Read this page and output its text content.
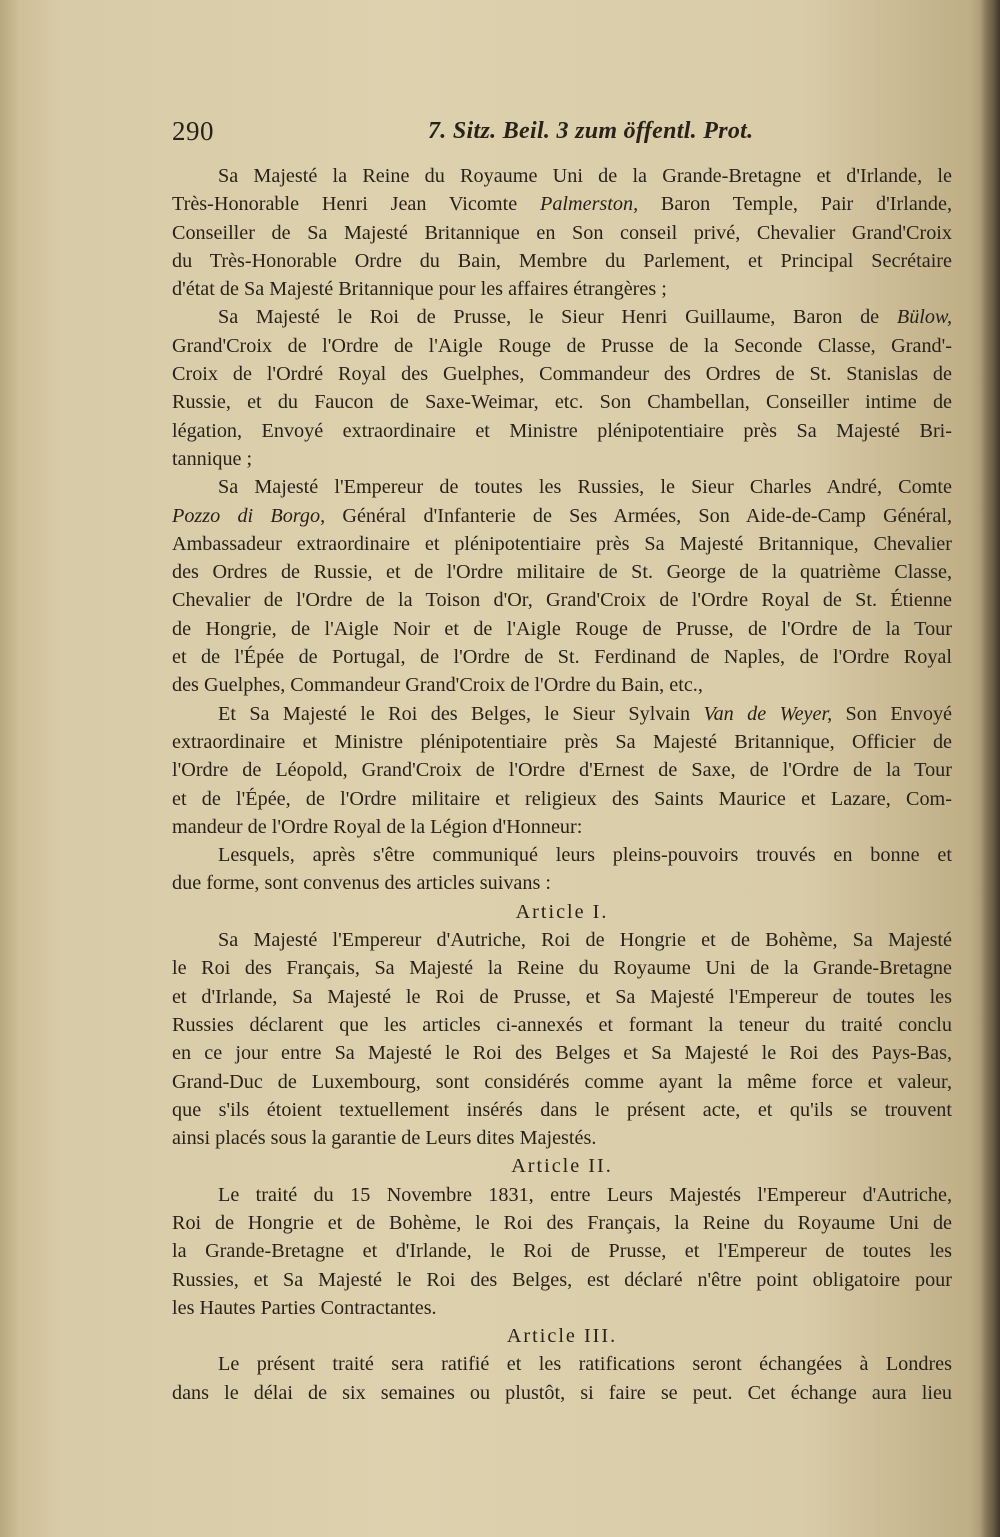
290	7. Sitz. Beil. 3 zum öffentl. Prot.
Sa Majesté la Reine du Royaume Uni de la Grande-Bretagne et d'Irlande, le
Très-Honorable Henri Jean Vicomte Palmerston, Baron Temple, Pair d'Irlande,
Conseiller de Sa Majesté Britannique en Son conseil privé, Chevalier Grand'Croix
du Très-Honorable Ordre du Bain, Membre du Parlement, et Principal Secrétaire
d'état de Sa Majesté Britannique pour les affaires étrangères ;
Sa Majesté le Roi de Prusse, le Sieur Henri Guillaume, Baron de Bülow,
Grand'Croix de l'Ordre de l'Aigle Rouge de Prusse de la Seconde Classe, Grand'-
Croix de l'Ordré Royal des Guelphes, Commandeur des Ordres de St. Stanislas de
Russie, et du Faucon de Saxe-Weimar, etc. Son Chambellan, Conseiller intime de
légation, Envoyé extraordinaire et Ministre plénipotentiaire près Sa Majesté Bri-
tannique ;
Sa Majesté l'Empereur de toutes les Russies, le Sieur Charles André, Comte
Pozzo di Borgo, Général d'Infanterie de Ses Armées, Son Aide-de-Camp Général,
Ambassadeur extraordinaire et plénipotentiaire près Sa Majesté Britannique, Chevalier
des Ordres de Russie, et de l'Ordre militaire de St. George de la quatrième Classe,
Chevalier de l'Ordre de la Toison d'Or, Grand'Croix de l'Ordre Royal de St. Étienne
de Hongrie, de l'Aigle Noir et de l'Aigle Rouge de Prusse, de l'Ordre de la Tour
et de l'Épée de Portugal, de l'Ordre de St. Ferdinand de Naples, de l'Ordre Royal
des Guelphes, Commandeur Grand'Croix de l'Ordre du Bain, etc.,
Et Sa Majesté le Roi des Belges, le Sieur Sylvain Van de Weyer, Son Envoyé
extraordinaire et Ministre plénipotentiaire près Sa Majesté Britannique, Officier de
l'Ordre de Léopold, Grand'Croix de l'Ordre d'Ernest de Saxe, de l'Ordre de la Tour
et de l'Épée, de l'Ordre militaire et religieux des Saints Maurice et Lazare, Com-
mandeur de l'Ordre Royal de la Légion d'Honneur:
Lesquels, après s'être communiqué leurs pleins-pouvoirs trouvés en bonne et
due forme, sont convenus des articles suivans :
Article I.
Sa Majesté l'Empereur d'Autriche, Roi de Hongrie et de Bohème, Sa Majesté
le Roi des Français, Sa Majesté la Reine du Royaume Uni de la Grande-Bretagne
et d'Irlande, Sa Majesté le Roi de Prusse, et Sa Majesté l'Empereur de toutes les
Russies déclarent que les articles ci-annexés et formant la teneur du traité conclu
en ce jour entre Sa Majesté le Roi des Belges et Sa Majesté le Roi des Pays-Bas,
Grand-Duc de Luxembourg, sont considérés comme ayant la même force et valeur,
que s'ils étoient textuellement insérés dans le présent acte, et qu'ils se trouvent
ainsi placés sous la garantie de Leurs dites Majestés.
Article II.
Le traité du 15 Novembre 1831, entre Leurs Majestés l'Empereur d'Autriche,
Roi de Hongrie et de Bohème, le Roi des Français, la Reine du Royaume Uni de
la Grande-Bretagne et d'Irlande, le Roi de Prusse, et l'Empereur de toutes les
Russies, et Sa Majesté le Roi des Belges, est déclaré n'être point obligatoire pour
les Hautes Parties Contractantes.
Article III.
Le présent traité sera ratifié et les ratifications seront échangées à Londres
dans le délai de six semaines ou plustôt, si faire se peut. Cet échange aura lieu
